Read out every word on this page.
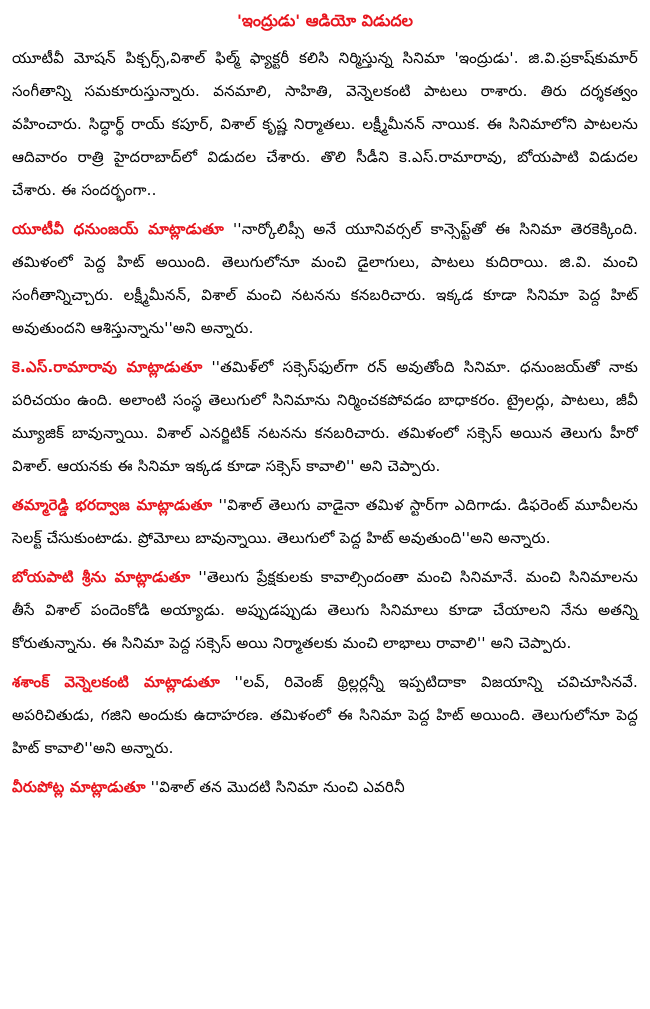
'ఇంద్రుడు' ఆడియో విడుదల

యూటీవీ మోషన్ పిక్చర్స్,విశాల్ ఫిల్మ్ ఫ్యాక్టరీ కలిసి నిర్మిస్తున్న సినిమా 'ఇంద్రుడు'. జి.వి.ప్రకాష్‌కుమార్ సంగీతాన్ని సమకూరుస్తున్నారు. వనమాలి, సాహితి, వెన్నెలకంటి పాటలు రాశారు. తిరు దర్శకత్వం వహించారు. సిద్ధార్థ్ రాయ్ కపూర్, విశాల్ కృష్ణ నిర్మాతలు. లక్ష్మీమీనన్ నాయిక. ఈ సినిమాలోని పాటలను ఆదివారం రాత్రి హైదరాబాద్‌లో విడుదల చేశారు. తొలి సీడీని కె.ఎస్.రామారావు, బోయపాటి విడుదల చేశారు. ఈ సందర్భంగా..

యూటీవీ ధనుంజయ్ మాట్లాడుతూ ''నార్కోలిప్సీ అనే యూనివర్సల్ కాన్సెప్ట్‌తో ఈ సినిమా తెరకెక్కింది. తమిళంలో పెద్ద హిట్ అయింది. తెలుగులోనూ మంచి డైలాగులు, పాటలు కుదిరాయి. జి.వి. మంచి సంగీతాన్నిచ్చారు. లక్ష్మీమీనన్, విశాల్ మంచి నటనను కనబరిచారు. ఇక్కడ కూడా సినిమా పెద్ద హిట్ అవుతుందని ఆశిస్తున్నాను''అని అన్నారు.

కె.ఎస్.రామారావు మాట్లాడుతూ ''తమిళ్‌లో సక్సెస్‌ఫుల్‌గా రన్ అవుతోంది సినిమా. ధనుంజయ్‌తో నాకు పరిచయం ఉంది. అలాంటి సంస్థ తెలుగులో సినిమాను నిర్మించకపోవడం బాధాకరం. ట్రైలర్లు, పాటలు, జీవీ మ్యూజిక్ బావున్నాయి. విశాల్ ఎనర్జిటిక్ నటనను కనబరిచారు. తమిళంలో సక్సెస్ అయిన తెలుగు హీరో విశాల్. ఆయనకు ఈ సినిమా ఇక్కడ కూడా సక్సెస్ కావాలి'' అని చెప్పారు.

తమ్మారెడ్డి భరద్వాజ మాట్లాడుతూ ''విశాల్ తెలుగు వాడైనా తమిళ స్టార్‌గా ఎదిగాడు. డిఫరెంట్ మూవీలను సెలక్ట్ చేసుకుంటాడు. ప్రోమోలు బావున్నాయి. తెలుగులో పెద్ద హిట్ అవుతుంది''అని అన్నారు.

బోయపాటి శ్రీను మాట్లాడుతూ ''తెలుగు ప్రేక్షకులకు కావాల్సిందంతా మంచి సినిమానే. మంచి సినిమాలను తీసే విశాల్ పందెంకోడి అయ్యాడు. అప్పుడప్పుడు తెలుగు సినిమాలు కూడా చేయాలని నేను అతన్ని కోరుతున్నాను. ఈ సినిమా పెద్ద సక్సెస్ అయి నిర్మాతలకు మంచి లాభాలు రావాలి'' అని చెప్పారు.

శశాంక్ వెన్నెలకంటి మాట్లాడుతూ ''లవ్, రివెంజ్ థ్రిల్లర్లన్నీ ఇప్పటిదాకా విజయాన్ని చవిచూసినవే. అపరిచితుడు, గజిని అందుకు ఉదాహరణ. తమిళంలో ఈ సినిమా పెద్ద హిట్ అయింది. తెలుగులోనూ పెద్ద హిట్ కావాలి''అని అన్నారు.

వీరుపోట్ల మాట్లాడుతూ ''విశాల్ తన మొదటి సినిమా నుంచి ఎవరినీ
